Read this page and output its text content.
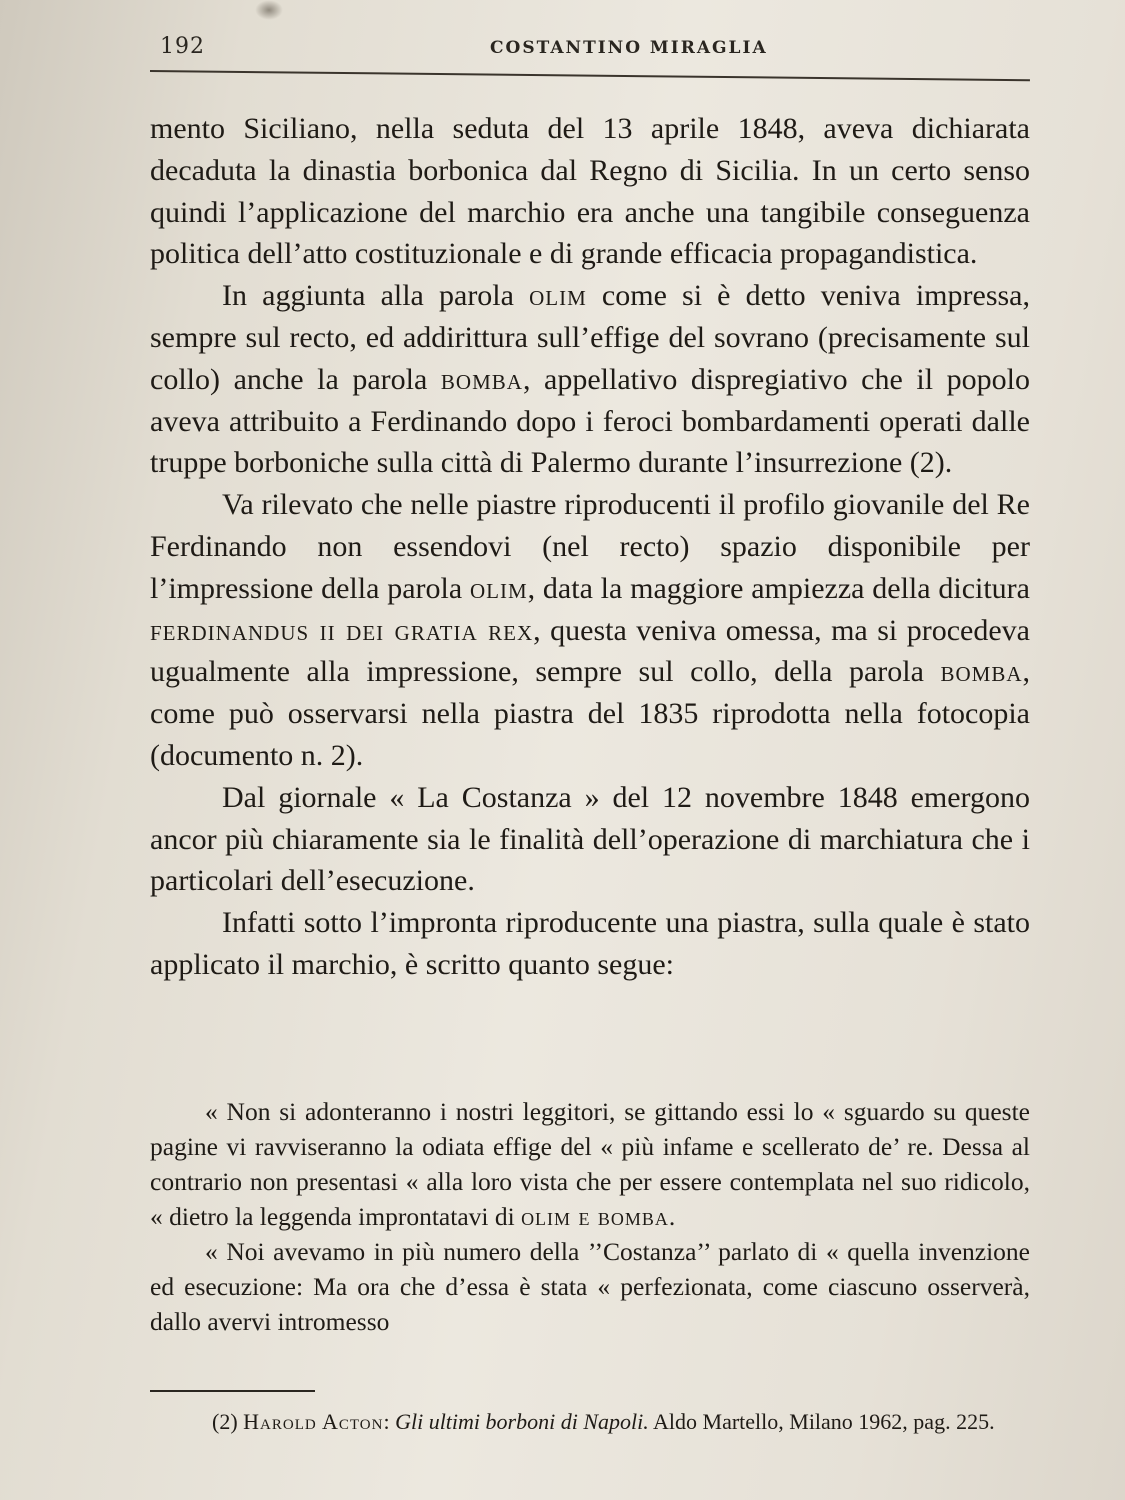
192	COSTANTINO MIRAGLIA

mento Siciliano, nella seduta del 13 aprile 1848, aveva dichiarata decaduta la dinastia borbonica dal Regno di Sicilia. In un certo senso quindi l’applicazione del marchio era anche una tangibile conseguenza politica dell’atto costituzionale e di grande efficacia propagandistica.

In aggiunta alla parola olim come si è detto veniva impressa, sempre sul recto, ed addirittura sull’effige del sovrano (precisamente sul collo) anche la parola bomba, appellativo dispregiativo che il popolo aveva attribuito a Ferdinando dopo i feroci bombardamenti operati dalle truppe borboniche sulla città di Palermo durante l’insurrezione (2).

Va rilevato che nelle piastre riproducenti il profilo giovanile del Re Ferdinando non essendovi (nel recto) spazio disponibile per l’impressione della parola olim, data la maggiore ampiezza della dicitura ferdinandus ii dei gratia rex, questa veniva omessa, ma si procedeva ugualmente alla impressione, sempre sul collo, della parola bomba, come può osservarsi nella piastra del 1835 riprodotta nella fotocopia (documento n. 2).

Dal giornale « La Costanza » del 12 novembre 1848 emergono ancor più chiaramente sia le finalità dell’operazione di marchiatura che i particolari dell’esecuzione.

Infatti sotto l’impronta riproducente una piastra, sulla quale è stato applicato il marchio, è scritto quanto segue:

« Non si adonteranno i nostri leggitori, se gittando essi lo « sguardo su queste pagine vi ravviseranno la odiata effige del « più infame e scellerato de’ re. Dessa al contrario non presentasi « alla loro vista che per essere contemplata nel suo ridicolo, « dietro la leggenda improntatavi di olim e bomba.

« Noi avevamo in più numero della ’’Costanza’’ parlato di « quella invenzione ed esecuzione: Ma ora che d’essa è stata « perfezionata, come ciascuno osserverà, dallo avervi intromesso

(2) Harold Acton: Gli ultimi borboni di Napoli. Aldo Martello, Milano 1962, pag. 225.
